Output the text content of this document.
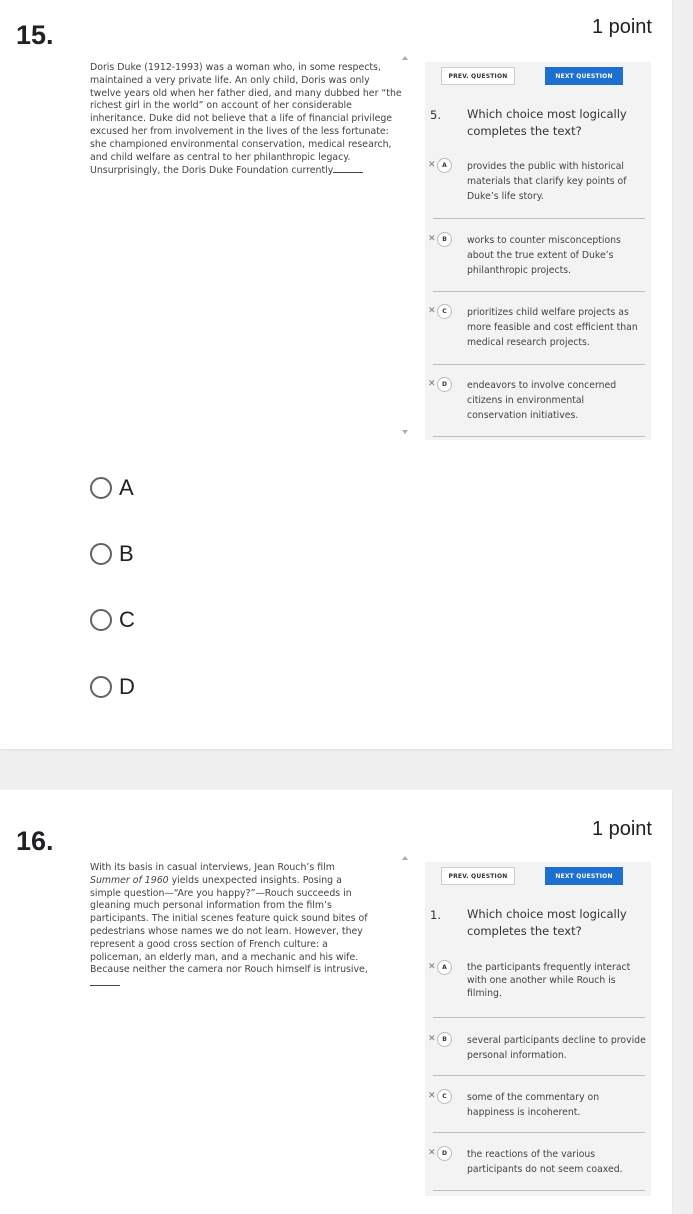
15.	1 point
Doris Duke (1912-1993) was a woman who, in some respects, maintained a very private life. An only child, Doris was only twelve years old when her father died, and many dubbed her “the richest girl in the world” on account of her considerable inheritance. Duke did not believe that a life of financial privilege excused her from involvement in the lives of the less fortunate: she championed environmental conservation, medical research, and child welfare as central to her philanthropic legacy. Unsurprisingly, the Doris Duke Foundation currently
PREV. QUESTION	NEXT QUESTION
5. Which choice most logically completes the text?
✕	A	provides the public with historical materials that clarify key points of Duke’s life story.
✕	B	works to counter misconceptions about the true extent of Duke’s philanthropic projects.
✕	C	prioritizes child welfare projects as more feasible and cost efficient than medical research projects.
✕	D	endeavors to involve concerned citizens in environmental conservation initiatives.
A
B
C
D
16.	1 point
With its basis in casual interviews, Jean Rouch’s film Summer of 1960 yields unexpected insights. Posing a simple question—“Are you happy?”—Rouch succeeds in gleaning much personal information from the film’s participants. The initial scenes feature quick sound bites of pedestrians whose names we do not learn. However, they represent a good cross section of French culture: a policeman, an elderly man, and a mechanic and his wife. Because neither the camera nor Rouch himself is intrusive,
PREV. QUESTION	NEXT QUESTION
1. Which choice most logically completes the text?
✕	A	the participants frequently interact with one another while Rouch is filming.
✕	B	several participants decline to provide personal information.
✕	C	some of the commentary on happiness is incoherent.
✕	D	the reactions of the various participants do not seem coaxed.
